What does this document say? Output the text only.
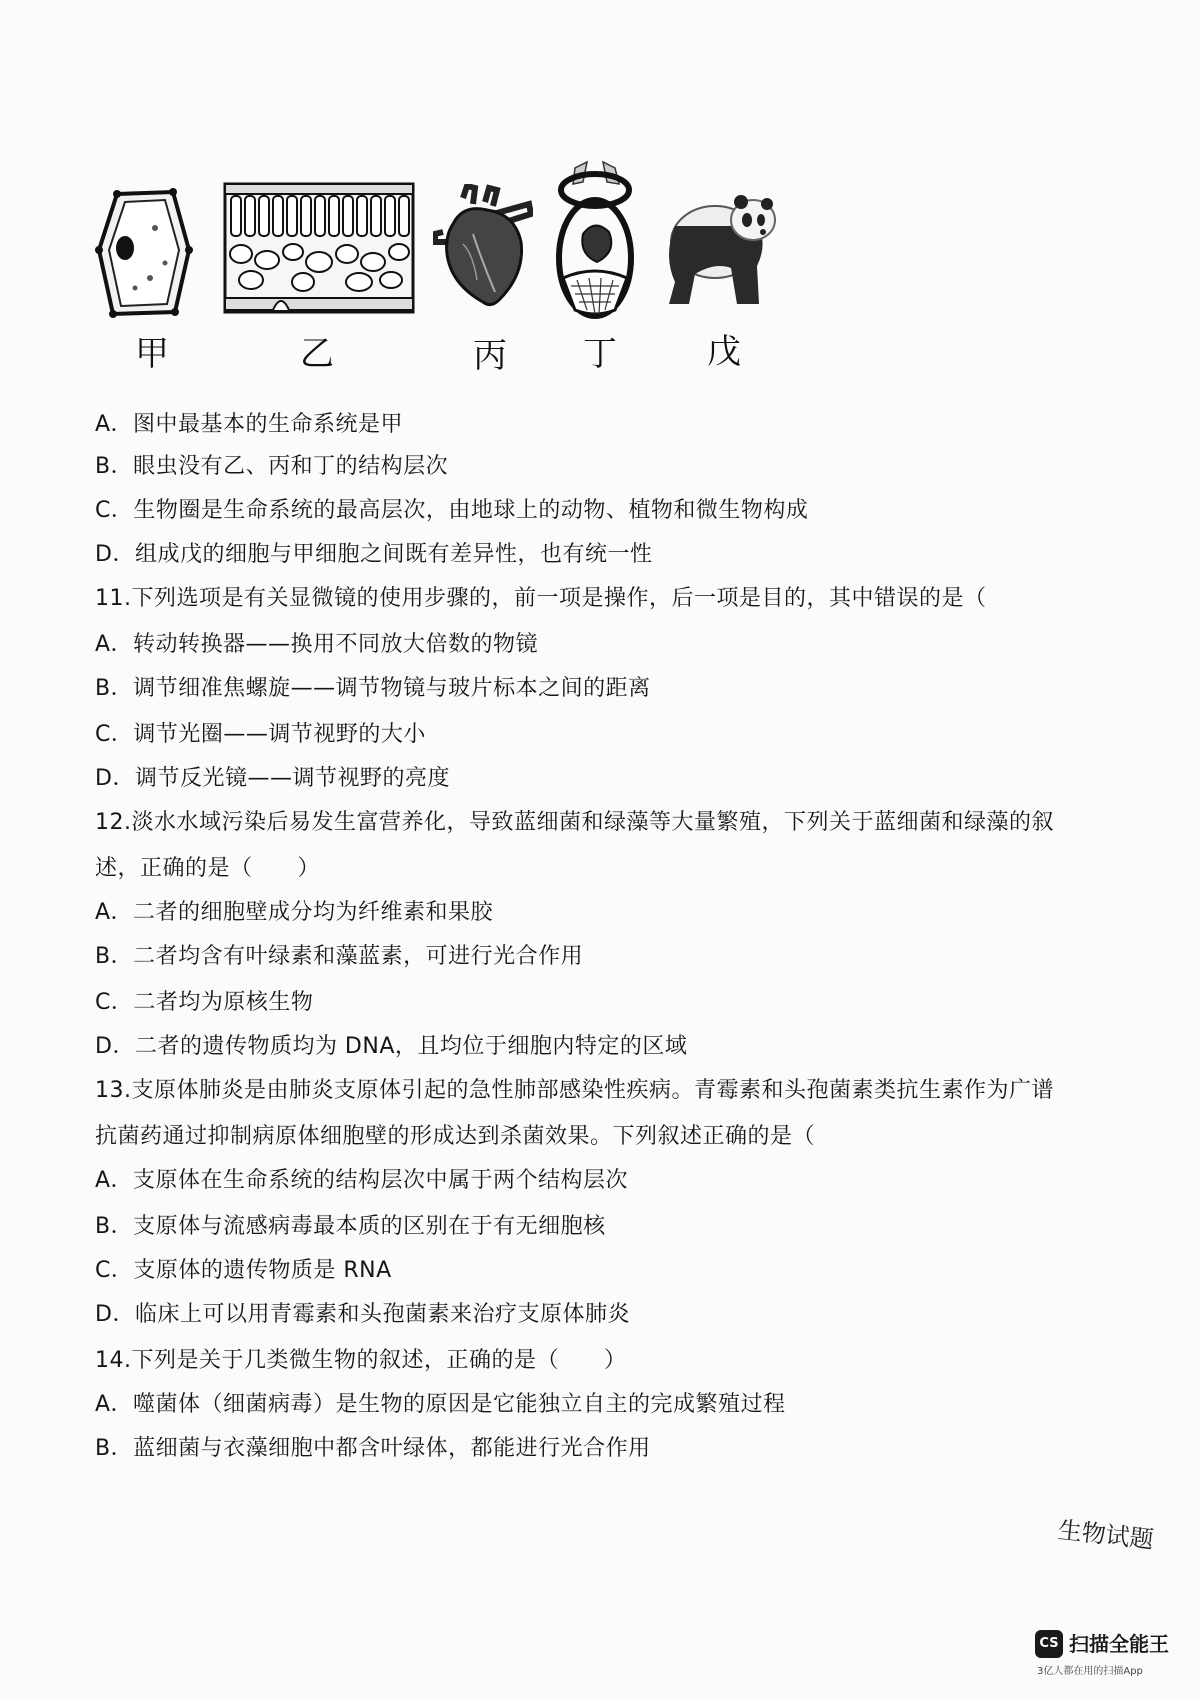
甲	乙	丙 丁	戊
A．图中最基本的生命系统是甲
B．眼虫没有乙、丙和丁的结构层次
C．生物圈是生命系统的最高层次，由地球上的动物、植物和微生物构成
D．组成戊的细胞与甲细胞之间既有差异性，也有统一性
11.下列选项是有关显微镜的使用步骤的，前一项是操作，后一项是目的，其中错误的是（
A．转动转换器——换用不同放大倍数的物镜
B．调节细准焦螺旋——调节物镜与玻片标本之间的距离
C．调节光圈——调节视野的大小
D．调节反光镜——调节视野的亮度
12.淡水水域污染后易发生富营养化，导致蓝细菌和绿藻等大量繁殖，下列关于蓝细菌和绿藻的叙
述，正确的是（　　）
A．二者的细胞壁成分均为纤维素和果胶
B．二者均含有叶绿素和藻蓝素，可进行光合作用
C．二者均为原核生物
D．二者的遗传物质均为 DNA，且均位于细胞内特定的区域
13.支原体肺炎是由肺炎支原体引起的急性肺部感染性疾病。青霉素和头孢菌素类抗生素作为广谱
抗菌药通过抑制病原体细胞壁的形成达到杀菌效果。下列叙述正确的是（
A．支原体在生命系统的结构层次中属于两个结构层次
B．支原体与流感病毒最本质的区别在于有无细胞核
C．支原体的遗传物质是 RNA
D．临床上可以用青霉素和头孢菌素来治疗支原体肺炎
14.下列是关于几类微生物的叙述，正确的是（　　）
A．噬菌体（细菌病毒）是生物的原因是它能独立自主的完成繁殖过程
B．蓝细菌与衣藻细胞中都含叶绿体，都能进行光合作用
生物试题
CS 扫描全能王
3亿人都在用的扫描App
